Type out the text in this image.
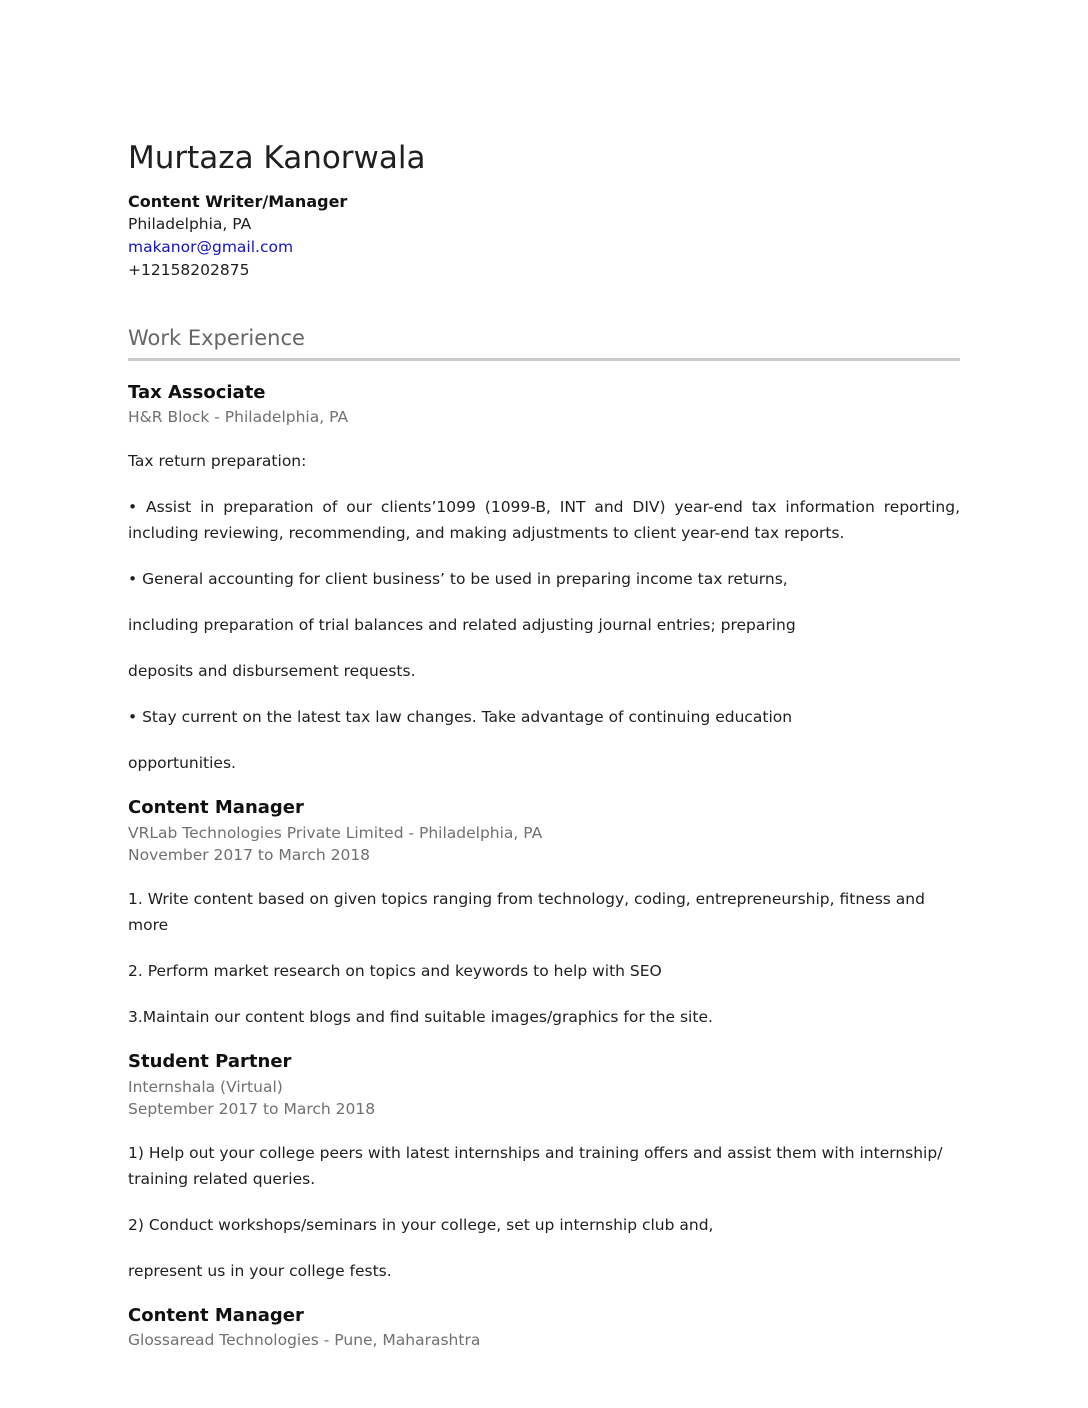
Murtaza Kanorwala
Content Writer/Manager
Philadelphia, PA
makanor@gmail.com
+12158202875
Work Experience
Tax Associate
H&R Block - Philadelphia, PA

Tax return preparation:

• Assist in preparation of our clients’1099 (1099-B, INT and DIV) year-end tax information reporting, including reviewing, recommending, and making adjustments to client year-end tax reports.

• General accounting for client business’ to be used in preparing income tax returns,

including preparation of trial balances and related adjusting journal entries; preparing

deposits and disbursement requests.

• Stay current on the latest tax law changes. Take advantage of continuing education

opportunities.

Content Manager
VRLab Technologies Private Limited - Philadelphia, PA
November 2017 to March 2018

1. Write content based on given topics ranging from technology, coding, entrepreneurship, fitness and more

2. Perform market research on topics and keywords to help with SEO

3.Maintain our content blogs and find suitable images/graphics for the site.

Student Partner
Internshala (Virtual)
September 2017 to March 2018

1) Help out your college peers with latest internships and training offers and assist them with internship/​training related queries.

2) Conduct workshops/seminars in your college, set up internship club and,

represent us in your college fests.

Content Manager
Glossaread Technologies - Pune, Maharashtra
